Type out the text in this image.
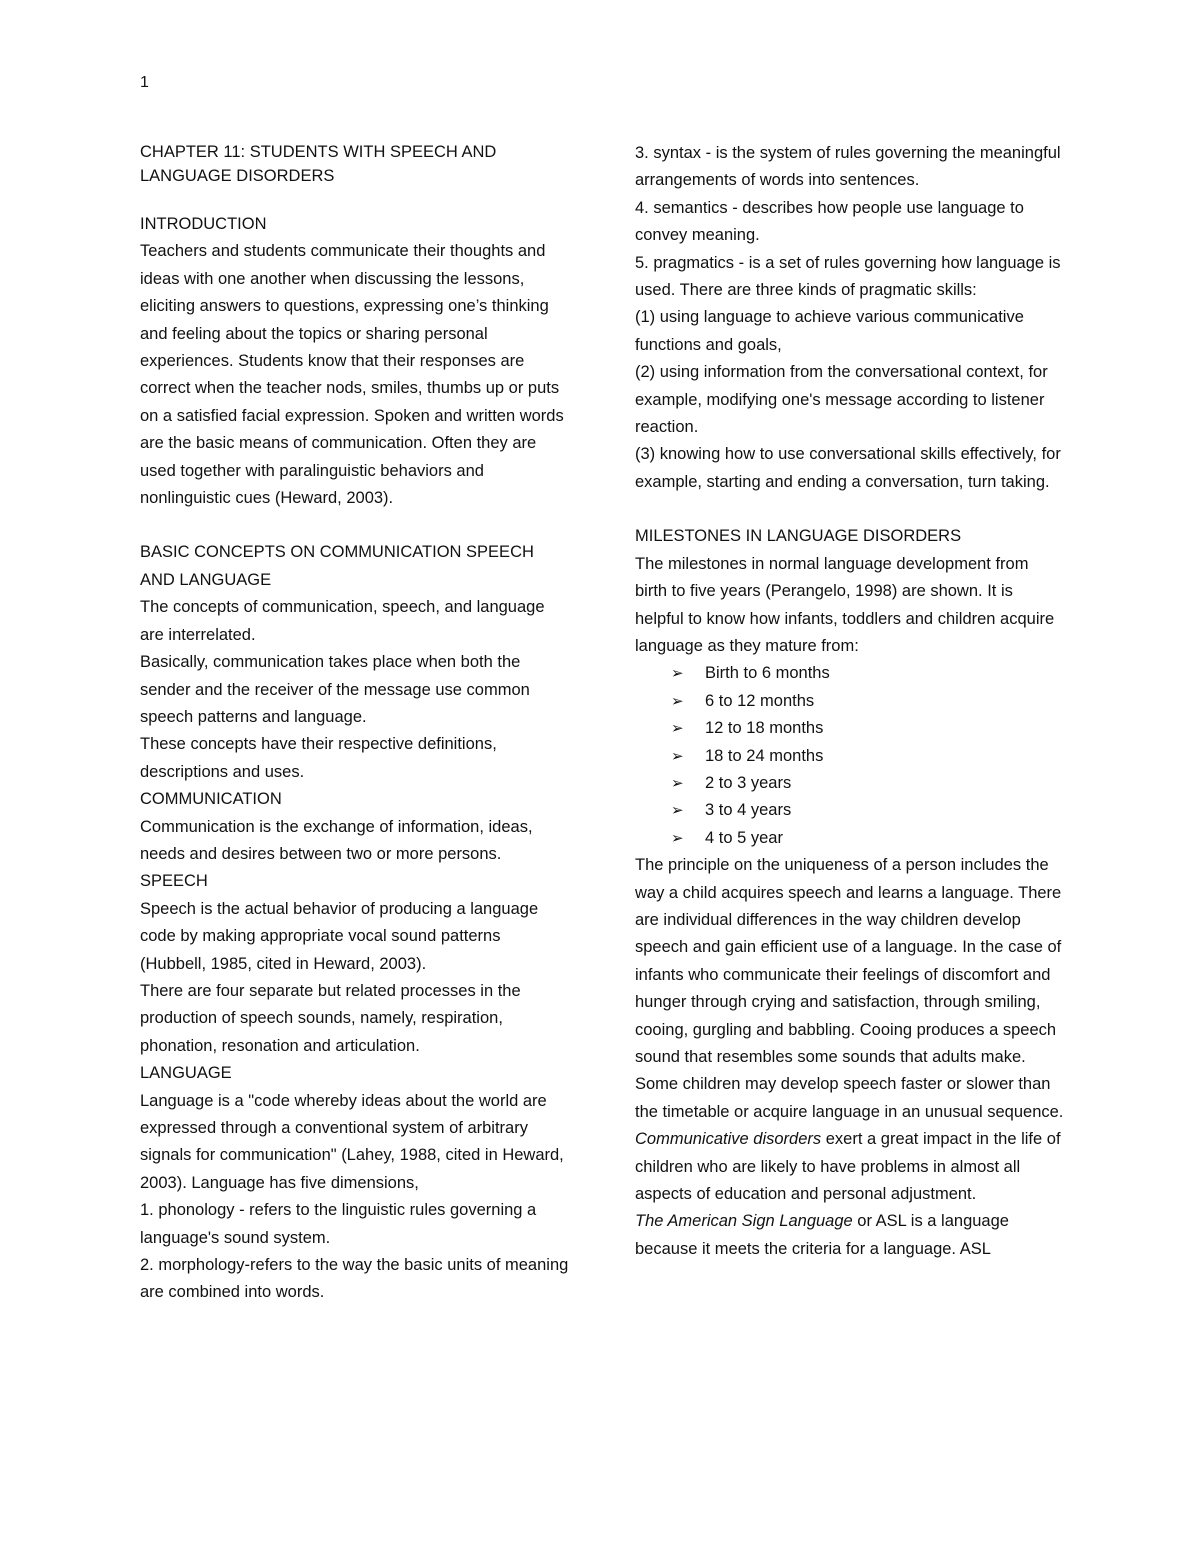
1

CHAPTER 11: STUDENTS WITH SPEECH AND LANGUAGE DISORDERS

INTRODUCTION

Teachers and students communicate their thoughts and ideas with one another when discussing the lessons, eliciting answers to questions, expressing one’s thinking and feeling about the topics or sharing personal experiences. Students know that their responses are correct when the teacher nods, smiles, thumbs up or puts on a satisfied facial expression. Spoken and written words are the basic means of communication. Often they are used together with paralinguistic behaviors and nonlinguistic cues (Heward, 2003).

BASIC CONCEPTS ON COMMUNICATION SPEECH AND LANGUAGE

The concepts of communication, speech, and language are interrelated.

Basically, communication takes place when both the sender and the receiver of the message use common speech patterns and language.

These concepts have their respective definitions, descriptions and uses.

COMMUNICATION

Communication is the exchange of information, ideas, needs and desires between two or more persons.

SPEECH

Speech is the actual behavior of producing a language code by making appropriate vocal sound patterns (Hubbell, 1985, cited in Heward, 2003).

There are four separate but related processes in the production of speech sounds, namely, respiration, phonation, resonation and articulation.

LANGUAGE

Language is a "code whereby ideas about the world are expressed through a conventional system of arbitrary signals for communication" (Lahey, 1988, cited in Heward, 2003). Language has five dimensions,

1. phonology - refers to the linguistic rules governing a language's sound system.

2. morphology-refers to the way the basic units of meaning are combined into words.

3. syntax - is the system of rules governing the meaningful arrangements of words into sentences.

4. semantics - describes how people use language to convey meaning.

5. pragmatics - is a set of rules governing how language is used. There are three kinds of pragmatic skills:

(1) using language to achieve various communicative functions and goals,

(2) using information from the conversational context, for example, modifying one's message according to listener reaction.

(3) knowing how to use conversational skills effectively, for example, starting and ending a conversation, turn taking.

MILESTONES IN LANGUAGE DISORDERS

The milestones in normal language development from birth to five years (Perangelo, 1998) are shown. It is helpful to know how infants, toddlers and children acquire language as they mature from:

➢ Birth to 6 months
➢ 6 to 12 months
➢ 12 to 18 months
➢ 18 to 24 months
➢ 2 to 3 years
➢ 3 to 4 years
➢ 4 to 5 year

The principle on the uniqueness of a person includes the way a child acquires speech and learns a language. There are individual differences in the way children develop speech and gain efficient use of a language. In the case of infants who communicate their feelings of discomfort and hunger through crying and satisfaction, through smiling, cooing, gurgling and babbling. Cooing produces a speech sound that resembles some sounds that adults make. Some children may develop speech faster or slower than the timetable or acquire language in an unusual sequence.

Communicative disorders exert a great impact in the life of children who are likely to have problems in almost all aspects of education and personal adjustment.

The American Sign Language or ASL is a language because it meets the criteria for a language. ASL
